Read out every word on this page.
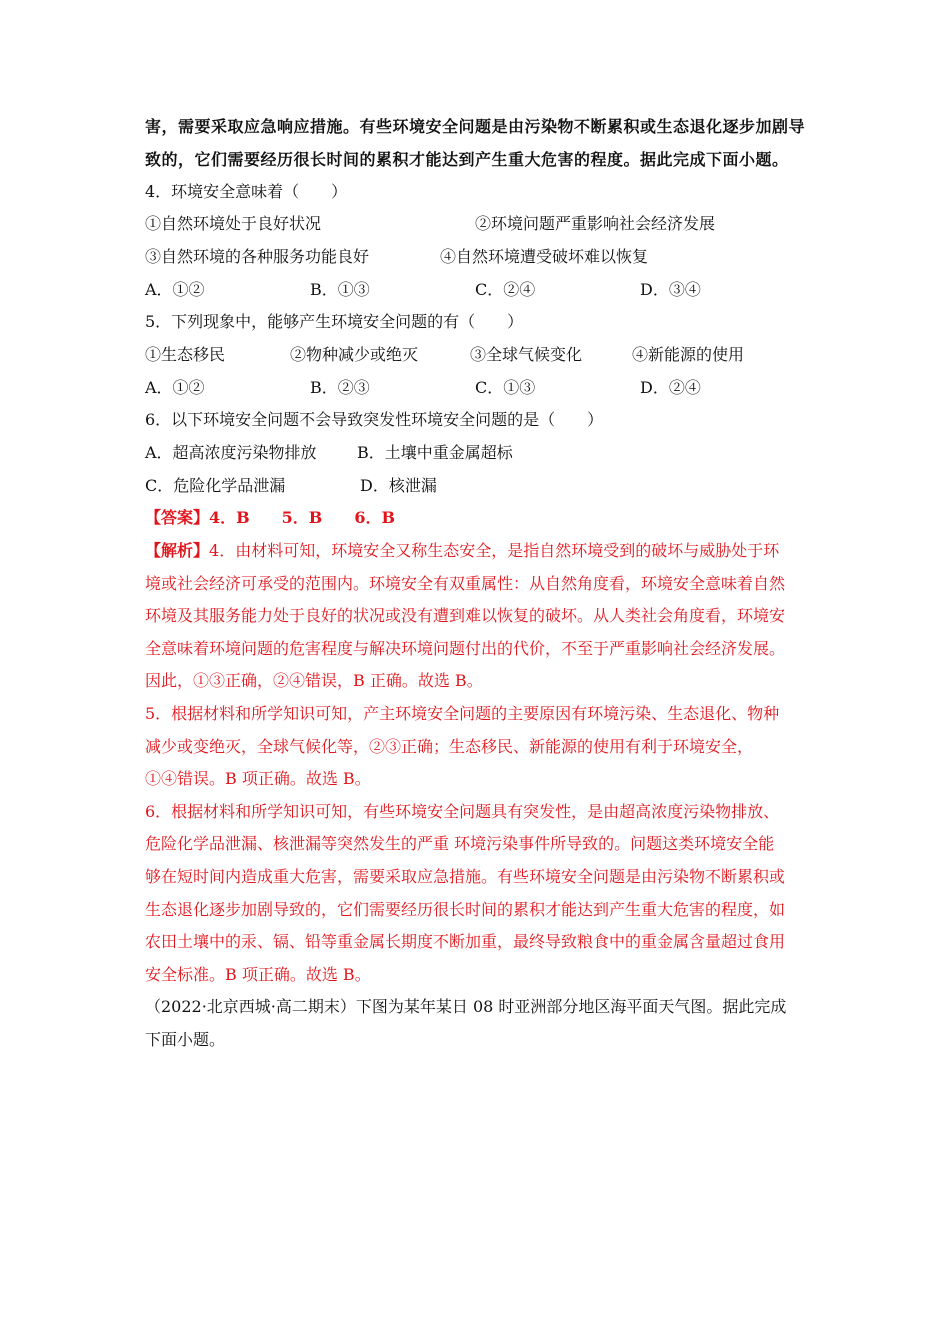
害，需要采取应急响应措施。有些环境安全问题是由污染物不断累积或生态退化逐步加剧导
致的，它们需要经历很长时间的累积才能达到产生重大危害的程度。据此完成下面小题。
4．环境安全意味着（　　）
①自然环境处于良好状况	②环境问题严重影响社会经济发展
③自然环境的各种服务功能良好	④自然环境遭受破坏难以恢复
A．①②	B．①③	C．②④	D．③④
5．下列现象中，能够产生环境安全问题的有（　　）
①生态移民	②物种减少或绝灭	③全球气候变化	④新能源的使用
A．①②	B．②③	C．①③	D．②④
6．以下环境安全问题不会导致突发性环境安全问题的是（　　）
A．超高浓度污染物排放	B．土壤中重金属超标
C．危险化学品泄漏	D．核泄漏
【答案】4．B　　5．B　　6．B
【解析】4．由材料可知，环境安全又称生态安全，是指自然环境受到的破坏与威胁处于环
境或社会经济可承受的范围内。环境安全有双重属性：从自然角度看，环境安全意味着自然
环境及其服务能力处于良好的状况或没有遭到难以恢复的破坏。从人类社会角度看，环境安
全意味着环境问题的危害程度与解决环境问题付出的代价，不至于严重影响社会经济发展。
因此，①③正确，②④错误，B 正确。故选 B。
5．根据材料和所学知识可知，产主环境安全问题的主要原因有环境污染、生态退化、物种
减少或变绝灭，全球气候化等，②③正确；生态移民、新能源的使用有利于环境安全，
①④错误。B 项正确。故选 B。
6．根据材料和所学知识可知，有些环境安全问题具有突发性，是由超高浓度污染物排放、
危险化学品泄漏、核泄漏等突然发生的严重 环境污染事件所导致的。问题这类环境安全能
够在短时间内造成重大危害，需要采取应急措施。有些环境安全问题是由污染物不断累积或
生态退化逐步加剧导致的，它们需要经历很长时间的累积才能达到产生重大危害的程度，如
农田土壤中的汞、镉、铅等重金属长期度不断加重，最终导致粮食中的重金属含量超过食用
安全标准。B 项正确。故选 B。
（2022·北京西城·高二期末）下图为某年某日 08 时亚洲部分地区海平面天气图。据此完成
下面小题。
